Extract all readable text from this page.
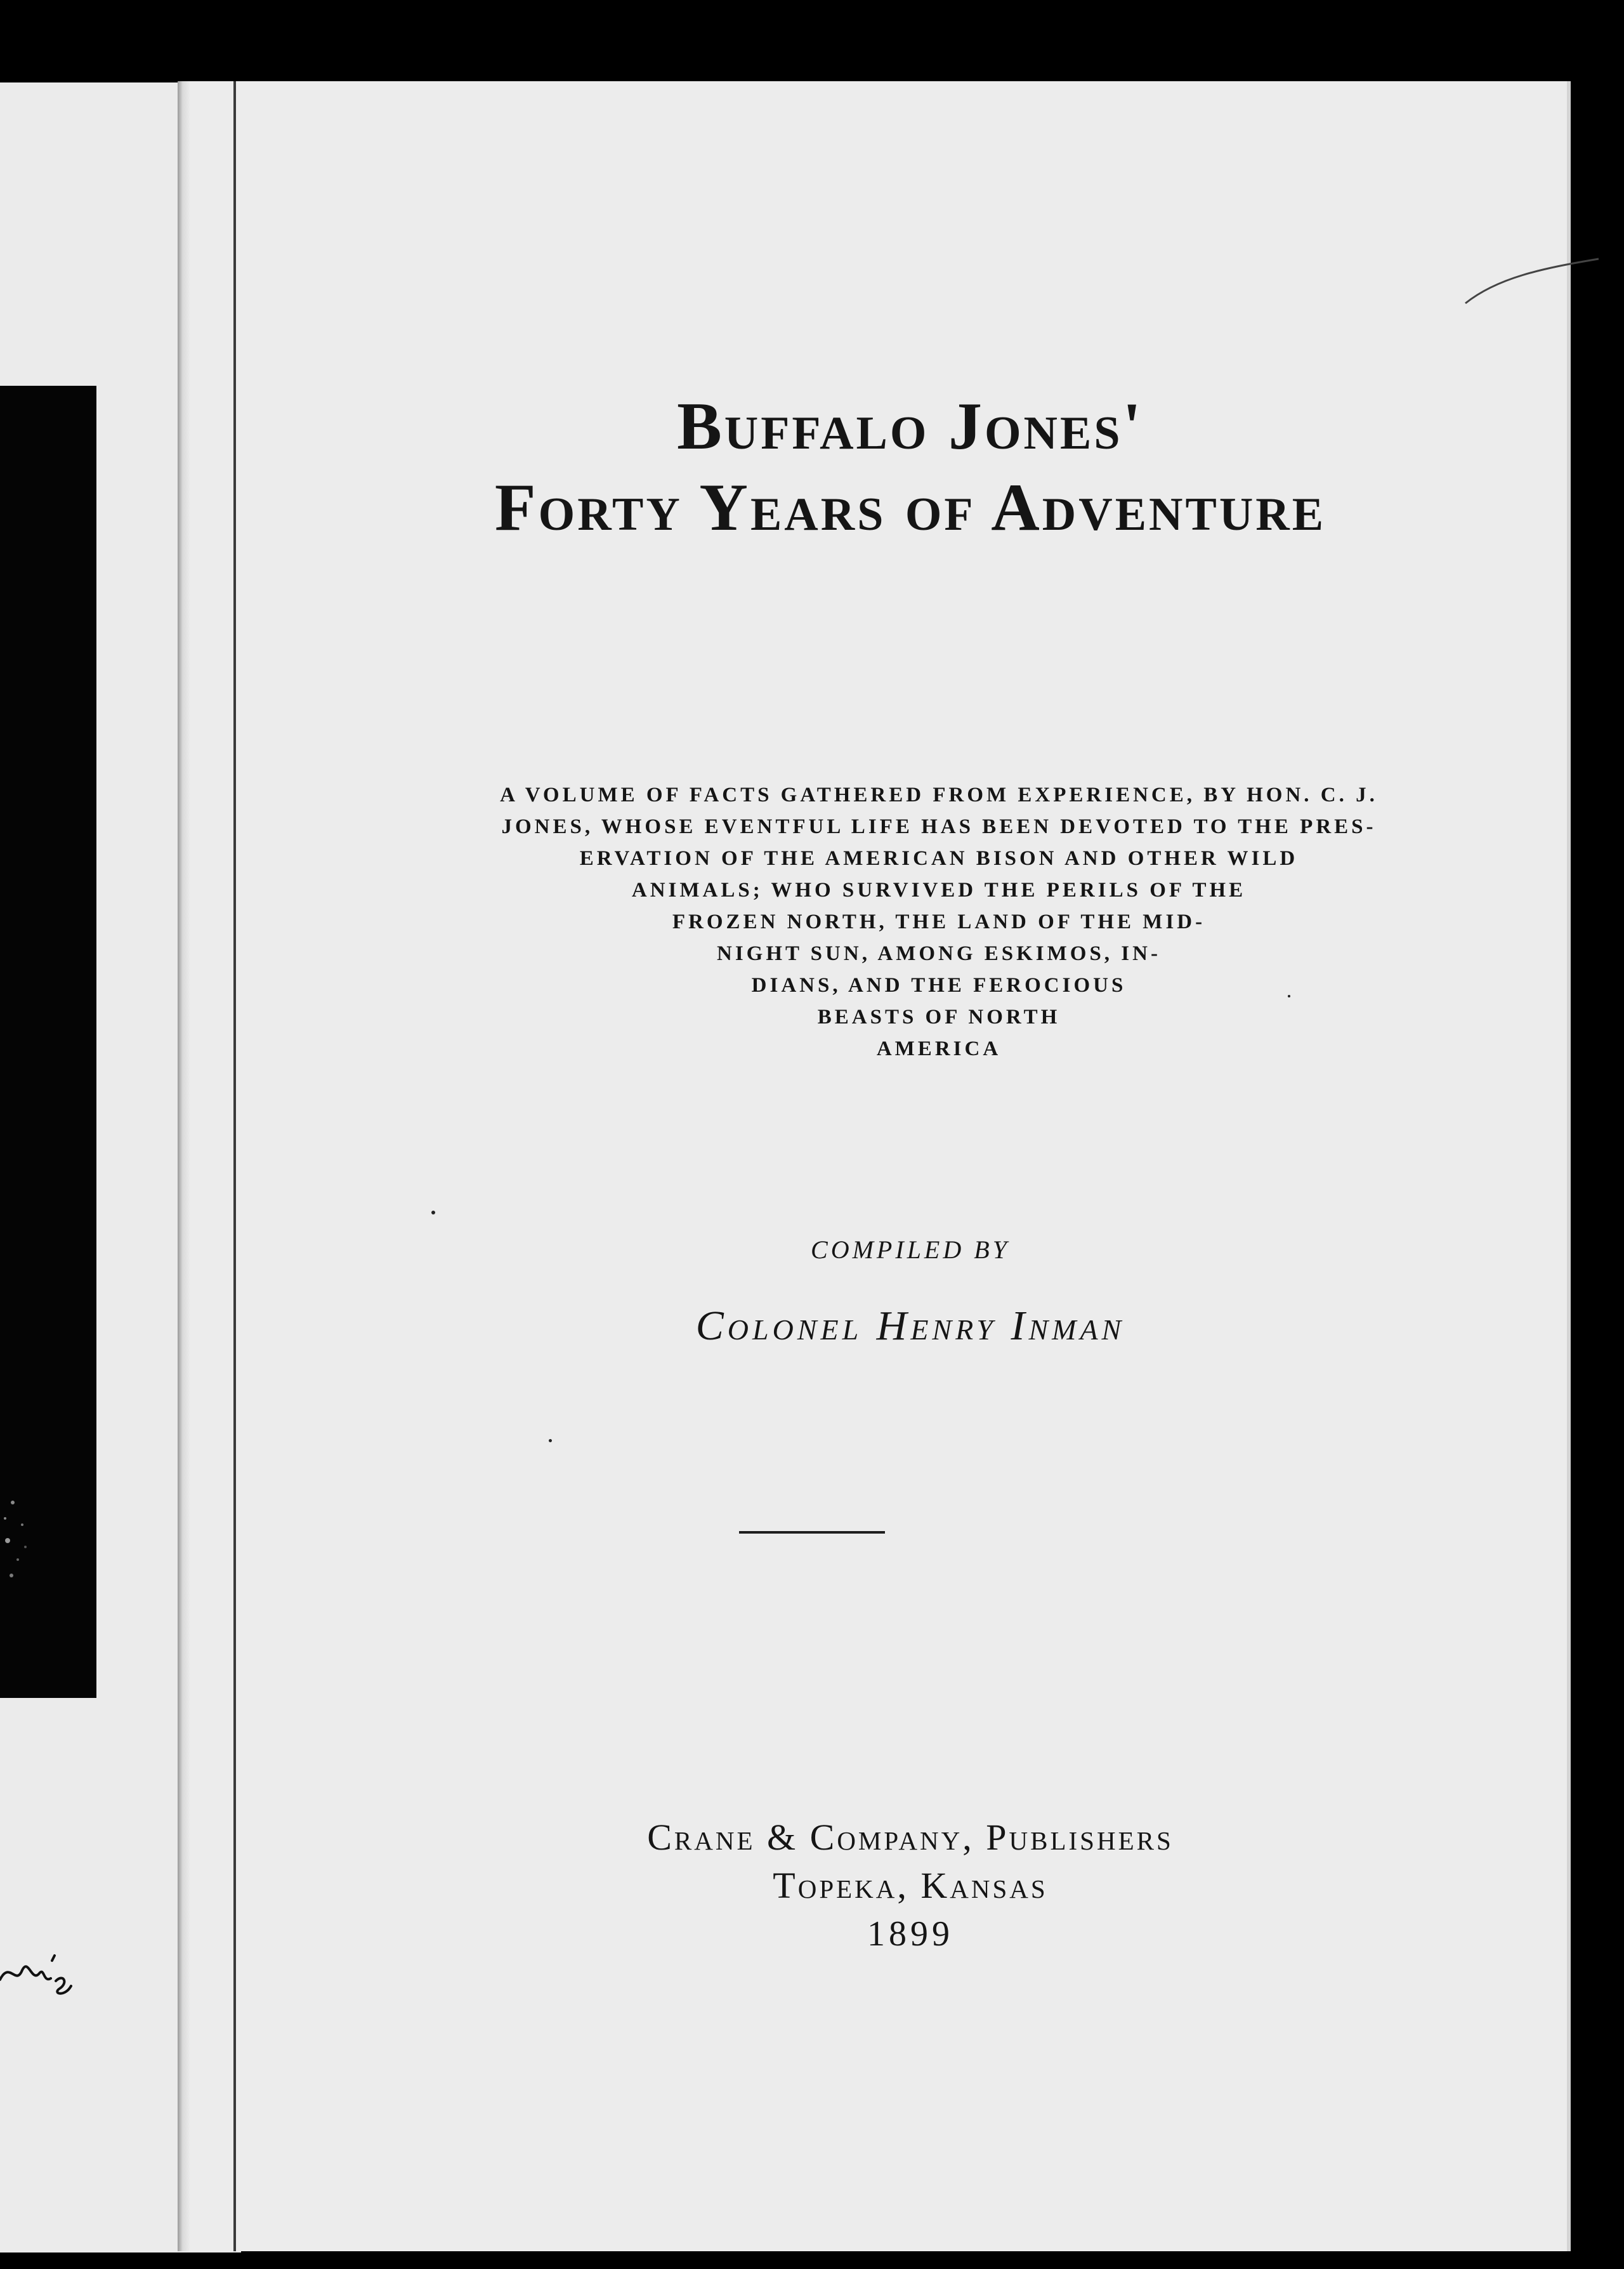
Buffalo Jones'
Forty Years of Adventure
A VOLUME OF FACTS GATHERED FROM EXPERIENCE, BY HON. C. J.
JONES, WHOSE EVENTFUL LIFE HAS BEEN DEVOTED TO THE PRES-
ERVATION OF THE AMERICAN BISON AND OTHER WILD
ANIMALS; WHO SURVIVED THE PERILS OF THE
FROZEN NORTH, THE LAND OF THE MID-
NIGHT SUN, AMONG ESKIMOS, IN-
DIANS, AND THE FEROCIOUS
BEASTS OF NORTH
AMERICA
COMPILED BY
Colonel Henry Inman
Crane & Company, Publishers
Topeka, Kansas
1899
